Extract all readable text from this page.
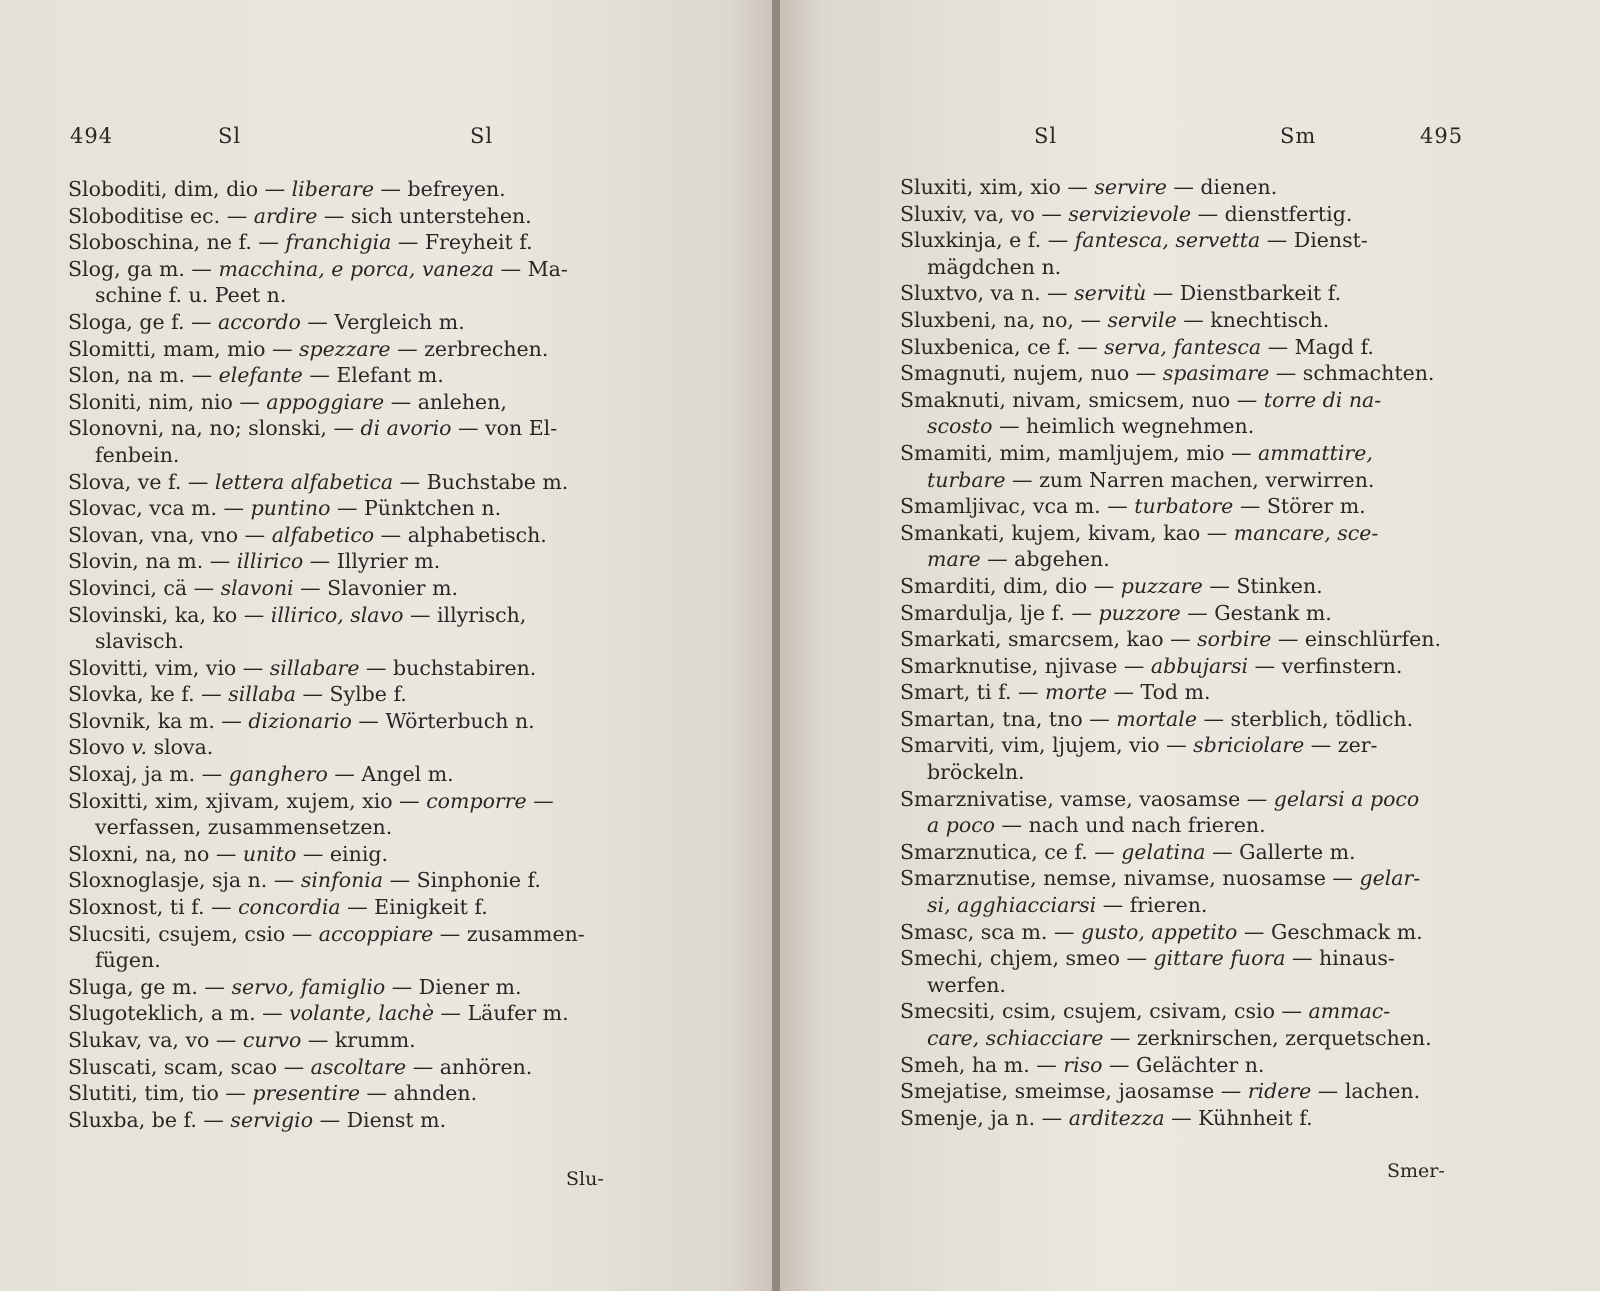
494	Sl	Sl
Sloboditi, dim, dio — liberare — befreyen.
Sloboditise ec. — ardire — sich unterstehen.
Sloboschina, ne f. — franchigia — Freyheit f.
Slog, ga m. — macchina, e porca, vaneza — Ma-
schine f. u. Peet n.
Sloga, ge f. — accordo — Vergleich m.
Slomitti, mam, mio — spezzare — zerbrechen.
Slon, na m. — elefante — Elefant m.
Sloniti, nim, nio — appoggiare — anlehen,
Slonovni, na, no; slonski, — di avorio — von El-
fenbein.
Slova, ve f. — lettera alfabetica — Buchstabe m.
Slovac, vca m. — puntino — Pünktchen n.
Slovan, vna, vno — alfabetico — alphabetisch.
Slovin, na m. — illirico — Illyrier m.
Slovinci, cä — slavoni — Slavonier m.
Slovinski, ka, ko — illirico, slavo — illyrisch,
slavisch.
Slovitti, vim, vio — sillabare — buchstabiren.
Slovka, ke f. — sillaba — Sylbe f.
Slovnik, ka m. — dizionario — Wörterbuch n.
Slovo v. slova.
Sloxaj, ja m. — ganghero — Angel m.
Sloxitti, xim, xjivam, xujem, xio — comporre —
verfassen, zusammensetzen.
Sloxni, na, no — unito — einig.
Sloxnoglasje, sja n. — sinfonia — Sinphonie f.
Sloxnost, ti f. — concordia — Einigkeit f.
Slucsiti, csujem, csio — accoppiare — zusammen-
fügen.
Sluga, ge m. — servo, famiglio — Diener m.
Slugoteklich, a m. — volante, lachè — Läufer m.
Slukav, va, vo — curvo — krumm.
Sluscati, scam, scao — ascoltare — anhören.
Slutiti, tim, tio — presentire — ahnden.
Sluxba, be f. — servigio — Dienst m.
Slu-
Sl	Sm	495
Sluxiti, xim, xio — servire — dienen.
Sluxiv, va, vo — servizievole — dienstfertig.
Sluxkinja, e f. — fantesca, servetta — Dienst-
mägdchen n.
Sluxtvo, va n. — servitù — Dienstbarkeit f.
Sluxbeni, na, no, — servile — knechtisch.
Sluxbenica, ce f. — serva, fantesca — Magd f.
Smagnuti, nujem, nuo — spasimare — schmachten.
Smaknuti, nivam, smicsem, nuo — torre di na-
scosto — heimlich wegnehmen.
Smamiti, mim, mamljujem, mio — ammattire,
turbare — zum Narren machen, verwirren.
Smamljivac, vca m. — turbatore — Störer m.
Smankati, kujem, kivam, kao — mancare, sce-
mare — abgehen.
Smarditi, dim, dio — puzzare — Stinken.
Smardulja, lje f. — puzzore — Gestank m.
Smarkati, smarcsem, kao — sorbire — einschlürfen.
Smarknutise, njivase — abbujarsi — verfinstern.
Smart, ti f. — morte — Tod m.
Smartan, tna, tno — mortale — sterblich, tödlich.
Smarviti, vim, ljujem, vio — sbriciolare — zer-
bröckeln.
Smarznivatise, vamse, vaosamse — gelarsi a poco
a poco — nach und nach frieren.
Smarznutica, ce f. — gelatina — Gallerte m.
Smarznutise, nemse, nivamse, nuosamse — gelar-
si, agghiacciarsi — frieren.
Smasc, sca m. — gusto, appetito — Geschmack m.
Smechi, chjem, smeo — gittare fuora — hinaus-
werfen.
Smecsiti, csim, csujem, csivam, csio — ammac-
care, schiacciare — zerknirschen, zerquetschen.
Smeh, ha m. — riso — Gelächter n.
Smejatise, smeimse, jaosamse — ridere — lachen.
Smenje, ja n. — arditezza — Kühnheit f.
Smer-
